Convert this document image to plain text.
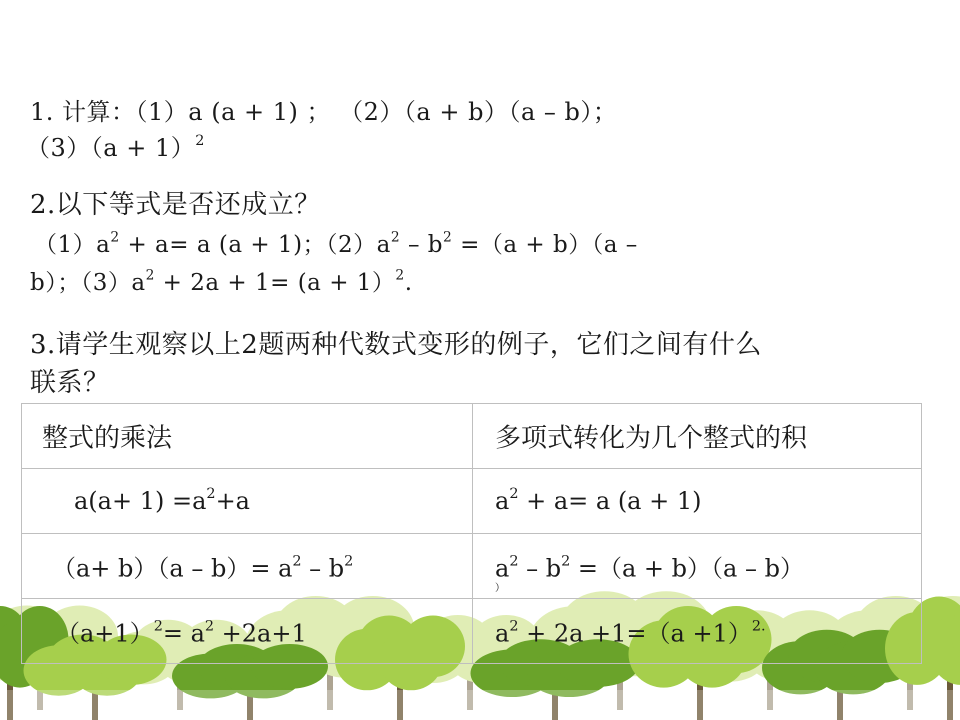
1. 计算：（1）a (a + 1) ； （2）（a + b）（a – b）；
$(3)(a + 1)^2$
2.以下等式是否还成立？
$(1)a^2 + a= a$ (a + 1)；$(2)a^2 - b^2 =(a + b)(a$ –
b）；$(3)a^2 + 2a + 1= (a + 1)^2$.
3.请学生观察以上2题两种代数式变形的例子，它们之间有什么
联系？
整式的乘法	多项式转化为几个整式的积

$a(a+ 1) =a^2+a$	$a^2 + a= a$ (a + 1)

$(a+ b)(a - b)= a^2 - b^2$	$a^2 - b^2 =(a + b)(a - b)$
）

$(a+1)^2= a^2 +2a+1$	$a^2 + 2a +1=(a +1)^{2.}$
